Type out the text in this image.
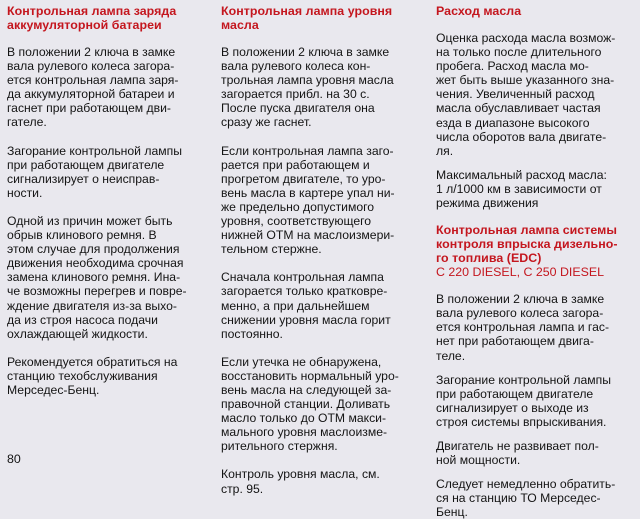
Контрольная лампа заряда
аккумуляторной батареи

В положении 2 ключа в замке
вала рулевого колеса загора-
ется контрольная лампа заря-
да аккумуляторной батареи и
гаснет при работающем дви-
гателе.

Загорание контрольной лампы
при работающем двигателе
сигнализирует о неисправ-
ности.

Одной из причин может быть
обрыв клинового ремня. В
этом случае для продолжения
движения необходима срочная
замена клинового ремня. Ина-
че возможны перегрев и повре-
ждение двигателя из-за выхо-
да из строя насоса подачи
охлаждающей жидкости.

Рекомендуется обратиться на
станцию техобслуживания
Мерседес-Бенц.

Контрольная лампа уровня
масла

В положении 2 ключа в замке
вала рулевого колеса кон-
трольная лампа уровня масла
загорается прибл. на 30 с.
После пуска двигателя она
сразу же гаснет.

Если контрольная лампа заго-
рается при работающем и
прогретом двигателе, то уро-
вень масла в картере упал ни-
же предельно допустимого
уровня, соответствующего
нижней ОТМ на маслоизмери-
тельном стержне.

Сначала контрольная лампа
загорается только кратковре-
менно, а при дальнейшем
снижении уровня масла горит
постоянно.

Если утечка не обнаружена,
восстановить нормальный уро-
вень масла на следующей за-
правочной станции. Доливать
масло только до ОТМ макси-
мального уровня маслоизме-
рительного стержня.

Контроль уровня масла, см.
стр. 95.

Расход масла

Оценка расхода масла возмож-
на только после длительного
пробега. Расход масла мо-
жет быть выше указанного зна-
чения. Увеличенный расход
масла обуславливает частая
езда в диапазоне высокого
числа оборотов вала двигате-
ля.

Максимальный расход масла:
1 л/1000 км в зависимости от
режима движения

Контрольная лампа системы
контроля впрыска дизельно-
го топлива (EDC)
C 220 DIESEL, C 250 DIESEL

В положении 2 ключа в замке
вала рулевого колеса загора-
ется контрольная лампа и гас-
нет при работающем двига-
теле.

Загорание контрольной лампы
при работающем двигателе
сигнализирует о выходе из
строя системы впрыскивания.

Двигатель не развивает пол-
ной мощности.

Следует немедленно обратить-
ся на станцию ТО Мерседес-
Бенц.

80
